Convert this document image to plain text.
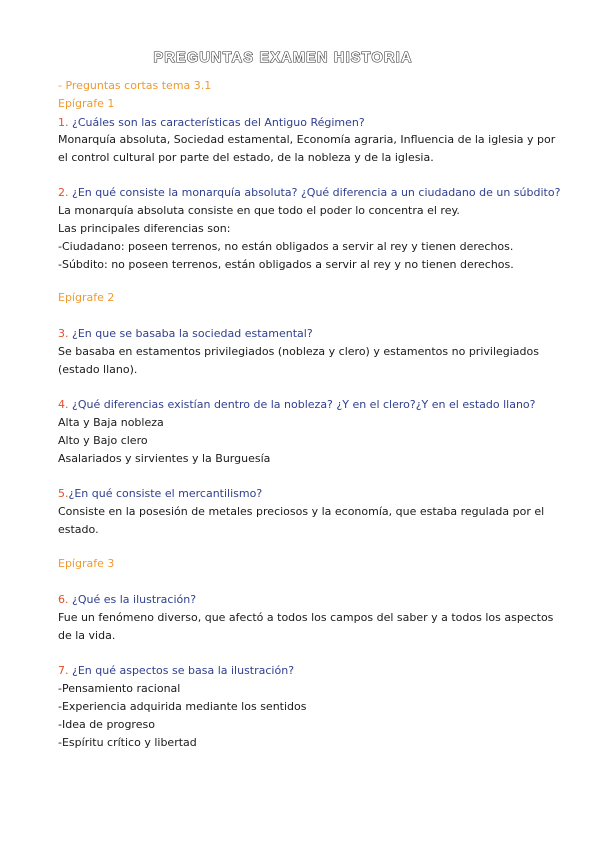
PREGUNTAS EXAMEN HISTORIA
- Preguntas cortas tema 3.1
Epígrafe 1
1. ¿Cuáles son las características del Antiguo Régimen?
Monarquía absoluta, Sociedad estamental, Economía agraria, Influencia de la iglesia y por
el control cultural por parte del estado, de la nobleza y de la iglesia.
2. ¿En qué consiste la monarquía absoluta? ¿Qué diferencia a un ciudadano de un súbdito?
La monarquía absoluta consiste en que todo el poder lo concentra el rey.
Las principales diferencias son:
-Ciudadano: poseen terrenos, no están obligados a servir al rey y tienen derechos.
-Súbdito: no poseen terrenos, están obligados a servir al rey y no tienen derechos.
Epígrafe 2
3. ¿En que se basaba la sociedad estamental?
Se basaba en estamentos privilegiados (nobleza y clero) y estamentos no privilegiados
(estado llano).
4. ¿Qué diferencias existían dentro de la nobleza? ¿Y en el clero?¿Y en el estado llano?
Alta y Baja nobleza
Alto y Bajo clero
Asalariados y sirvientes y la Burguesía
5.¿En qué consiste el mercantilismo?
Consiste en la posesión de metales preciosos y la economía, que estaba regulada por el
estado.
Epígrafe 3
6. ¿Qué es la ilustración?
Fue un fenómeno diverso, que afectó a todos los campos del saber y a todos los aspectos
de la vida.
7. ¿En qué aspectos se basa la ilustración?
-Pensamiento racional
-Experiencia adquirida mediante los sentidos
-Idea de progreso
-Espíritu crítico y libertad
